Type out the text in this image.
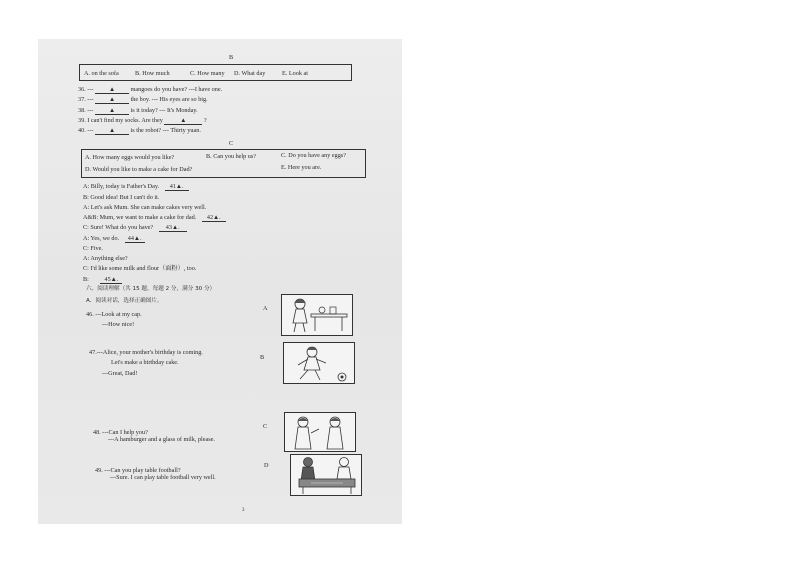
B
A. on the sofa	B. How much	C. How many D. What day	E. Look at
36. --- ▲ mangoes do you have? ---I have one.
37. --- ▲ the boy. --- His eyes are so big.
38. --- ▲ is it today? --- It's Monday.
39. I can't find my socks. Are they	▲	?
40. --- ▲ is the robot? --- Thirty yuan.
C
A. How many eggs would you like?	B. Can you help us?	C. Do you have any eggs?
D. Would you like to make a cake for Dad?	E. Here you are.
A: Billy, today is Father's Day. 41▲.
B: Good idea! But I can't do it.
A: Let's ask Mum. She can make cakes very well.
A&B: Mum, we want to make a cake for dad. 42▲.
C: Sure! What do you have? 43▲.
A: Yes, we do. 44▲.
C: Five.
A: Anything else?
C: I'd like some milk and flour（面粉）, too.
B:	45▲.
六、阅读理解（共 15 题，每题 2 分，满分 30 分）
A．阅读对话，选择正确图片。
46. ---Look at my cap.
---How nice!
47.---Alice, your mother's birthday is coming.
Let's make a birthday cake.
---Great, Dad!
48. ---Can I help you?
---A hamburger and a glass of milk, please.
49. ---Can you play table football?
---Sure. I can play table football very well.
A
B
C
D
3
